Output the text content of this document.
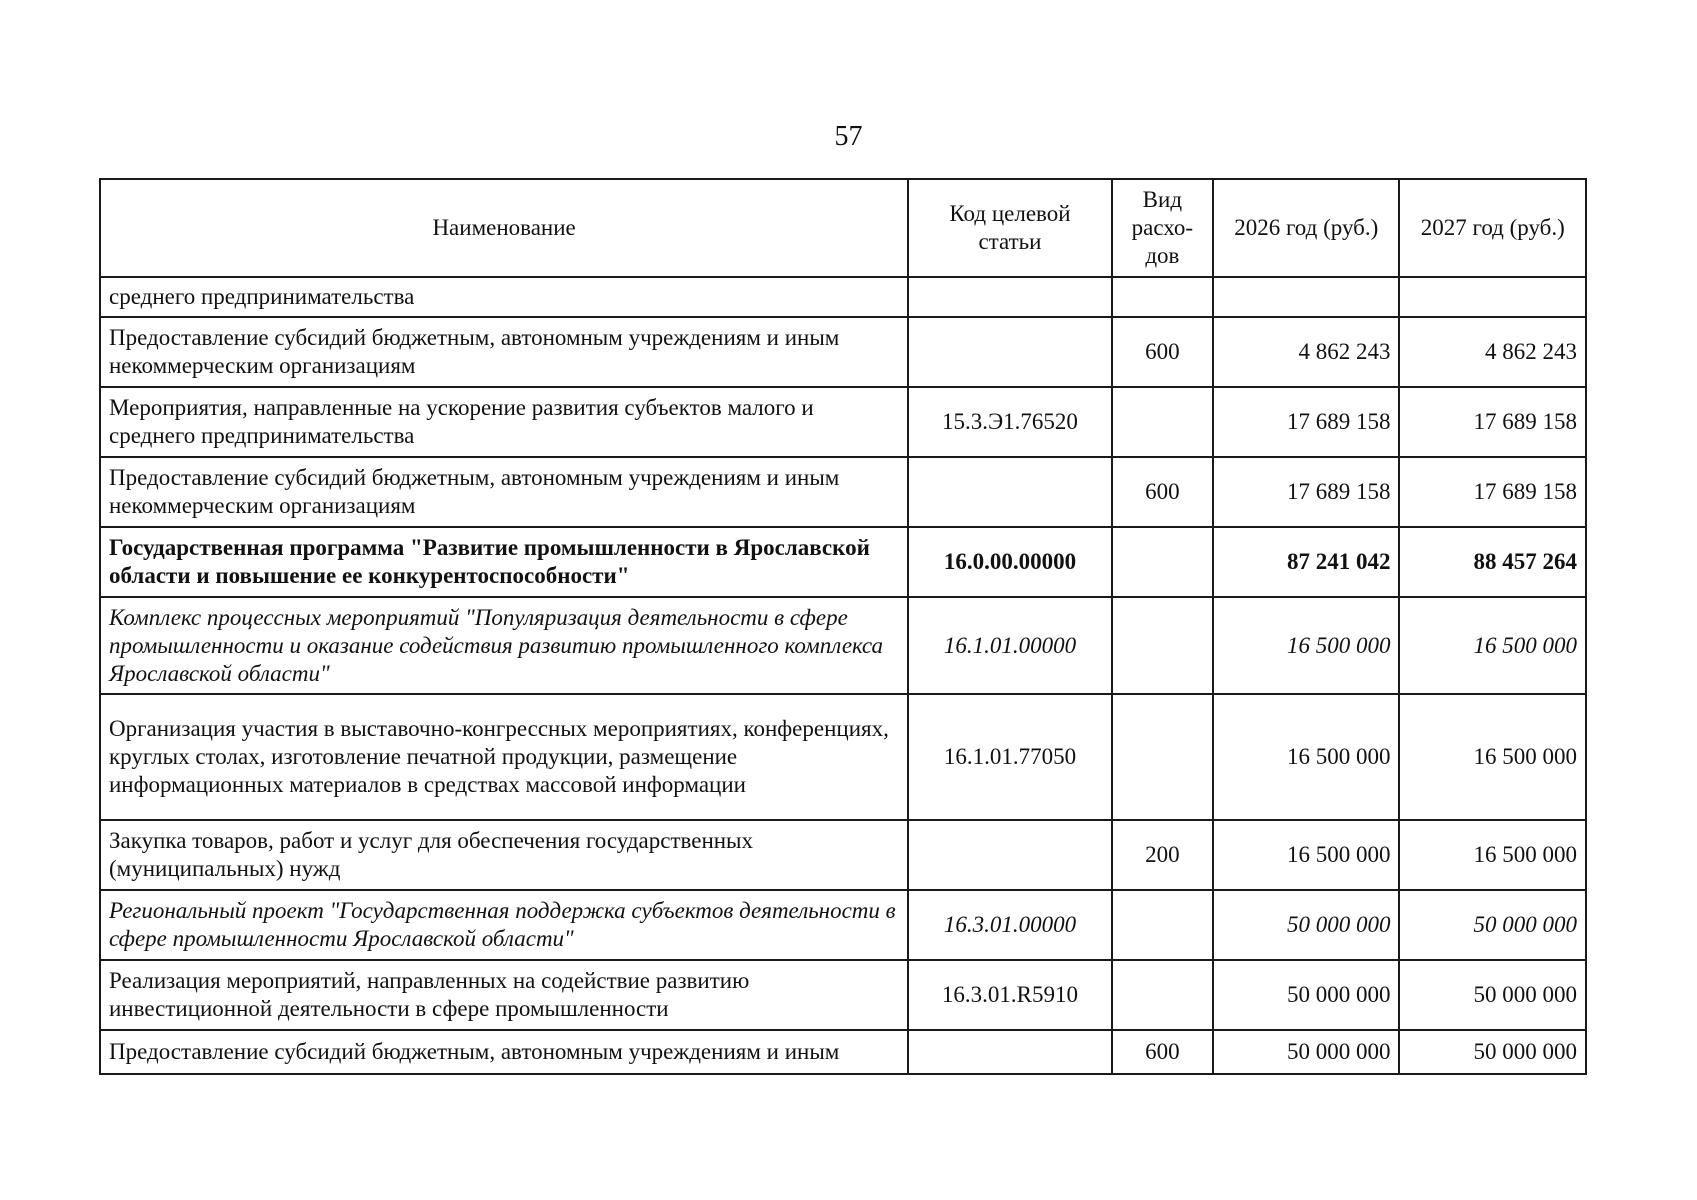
57
Наименование	Код целевой статьи	Вид расхо-дов	2026 год (руб.)	2027 год (руб.)
среднего предпринимательства				
Предоставление субсидий бюджетным, автономным учреждениям и иным некоммерческим организациям		600	4 862 243	4 862 243
Мероприятия, направленные на ускорение развития субъектов малого и среднего предпринимательства	15.3.Э1.76520		17 689 158	17 689 158
Предоставление субсидий бюджетным, автономным учреждениям и иным некоммерческим организациям		600	17 689 158	17 689 158
Государственная программа "Развитие промышленности в Ярославской области и повышение ее конкурентоспособности"	16.0.00.00000		87 241 042	88 457 264
Комплекс процессных мероприятий "Популяризация деятельности в сфере промышленности и оказание содействия развитию промышленного комплекса Ярославской области"	16.1.01.00000		16 500 000	16 500 000
Организация участия в выставочно-конгрессных мероприятиях, конференциях, круглых столах, изготовление печатной продукции, размещение информационных материалов в средствах массовой информации	16.1.01.77050		16 500 000	16 500 000
Закупка товаров, работ и услуг для обеспечения государственных (муниципальных) нужд		200	16 500 000	16 500 000
Региональный проект "Государственная поддержка субъектов деятельности в сфере промышленности Ярославской области"	16.3.01.00000		50 000 000	50 000 000
Реализация мероприятий, направленных на содействие развитию инвестиционной деятельности в сфере промышленности	16.3.01.R5910		50 000 000	50 000 000
Предоставление субсидий бюджетным, автономным учреждениям и иным		600	50 000 000	50 000 000
